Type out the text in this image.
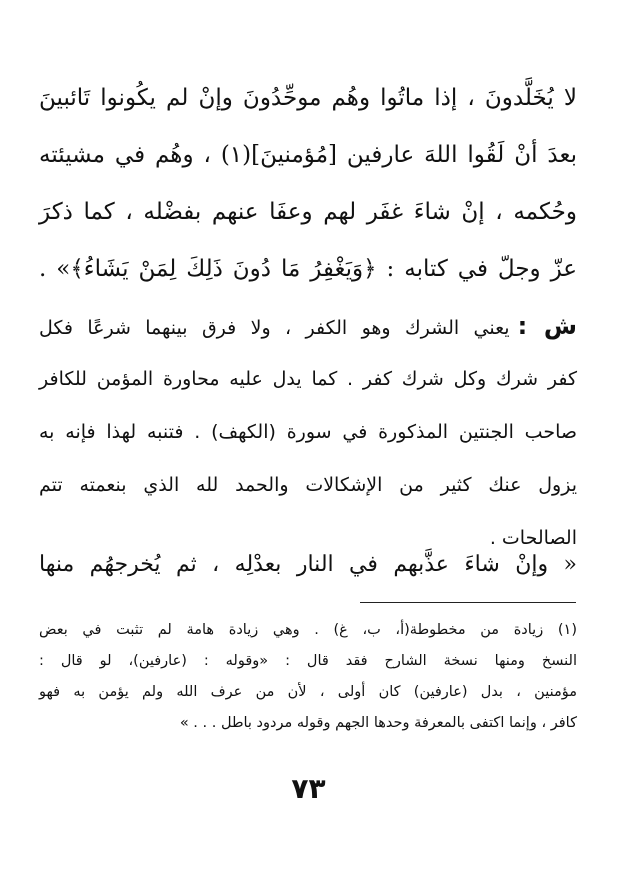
لا يُخَلَّدونَ ، إذا ماتُوا وهُم موحِّدُونَ وإنْ لم يكُونوا تَائبينَ
بعدَ أنْ لَقُوا اللهَ عارفين [مُؤمنينَ](١) ، وهُم في مشيئته
وحُكمه ، إنْ شاءَ غفَر لهم وعفَا عنهم بفضْله ، كما ذكرَ
عزّ وجلّ في كتابه : ﴿وَيَغْفِرُ مَا دُونَ ذَلِكَ لِمَنْ يَشَاءُ﴾» .
ش :يعني الشرك وهو الكفر ، ولا فرق بينهما شرعًا فكل
كفر شرك وكل شرك كفر . كما يدل عليه محاورة المؤمن للكافر
صاحب الجنتين المذكورة في سورة (الكهف) . فتنبه لهذا فإنه به
يزول عنك كثير من الإشكالات والحمد لله الذي بنعمته تتم
الصالحات .
« وإنْ شاءَ عذَّبهم في النار بعدْلِه ، ثم يُخرجهُم منها
(١) زيادة من مخطوطة(أ، ب، غ) . وهي زيادة هامة لم تثبت في بعض
النسخ ومنها نسخة الشارح فقد قال : «وقوله : (عارفين)، لو قال :
مؤمنين ، بدل (عارفين) كان أولى ، لأن من عرف الله ولم يؤمن به فهو
كافر ، وإنما اكتفى بالمعرفة وحدها الجهم وقوله مردود باطل . . . »
٧٣
